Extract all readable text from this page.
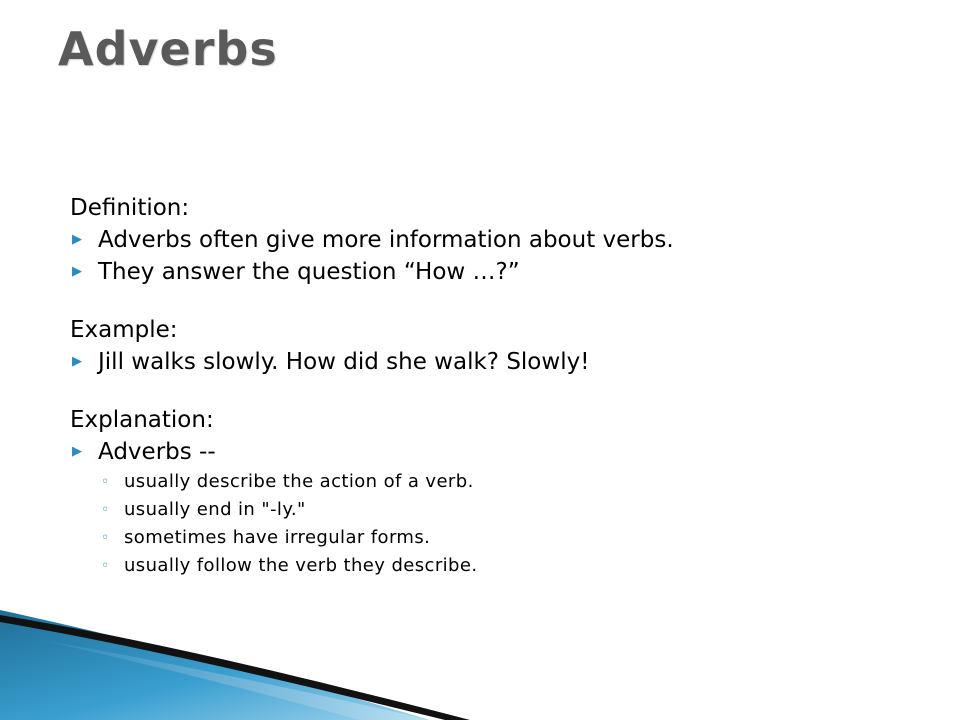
Adverbs

Definition:

▶ Adverbs often give more information about verbs.

▶ They answer the question “How …?”

Example:

▶ Jill walks slowly. How did she walk? Slowly!

Explanation:

▶ Adverbs --

◦ usually describe the action of a verb.

◦ usually end in "-ly."

◦ sometimes have irregular forms.

◦ usually follow the verb they describe.
